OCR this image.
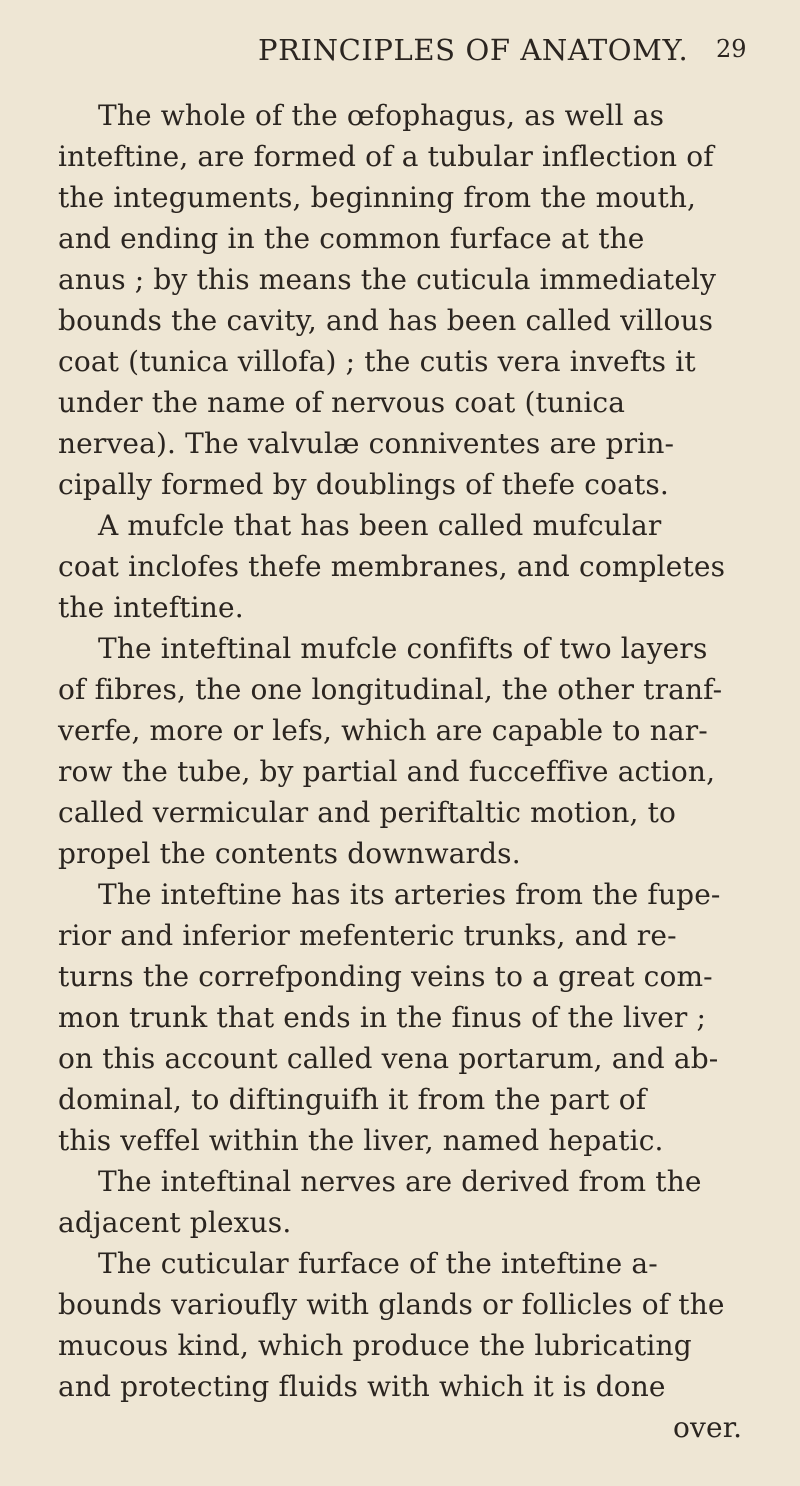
PRINCIPLES OF ANATOMY. 29
The whole of the œfophagus, as well as
inteftine, are formed of a tubular inflection of
the integuments, beginning from the mouth,
and ending in the common furface at the
anus ; by this means the cuticula immediately
bounds the cavity, and has been called villous
coat (tunica villofa) ; the cutis vera invefts it
under the name of nervous coat (tunica
nervea). The valvulæ conniventes are prin-
cipally formed by doublings of thefe coats.
A mufcle that has been called mufcular
coat inclofes thefe membranes, and completes
the inteftine.
The inteftinal mufcle confifts of two layers
of fibres, the one longitudinal, the other tranf-
verfe, more or lefs, which are capable to nar-
row the tube, by partial and fucceffive action,
called vermicular and periftaltic motion, to
propel the contents downwards.
The inteftine has its arteries from the fupe-
rior and inferior mefenteric trunks, and re-
turns the correfponding veins to a great com-
mon trunk that ends in the finus of the liver ;
on this account called vena portarum, and ab-
dominal, to diftinguifh it from the part of
this veffel within the liver, named hepatic.
The inteftinal nerves are derived from the
adjacent plexus.
The cuticular furface of the inteftine a-
bounds varioufly with glands or follicles of the
mucous kind, which produce the lubricating
and protecting fluids with which it is done
over.
